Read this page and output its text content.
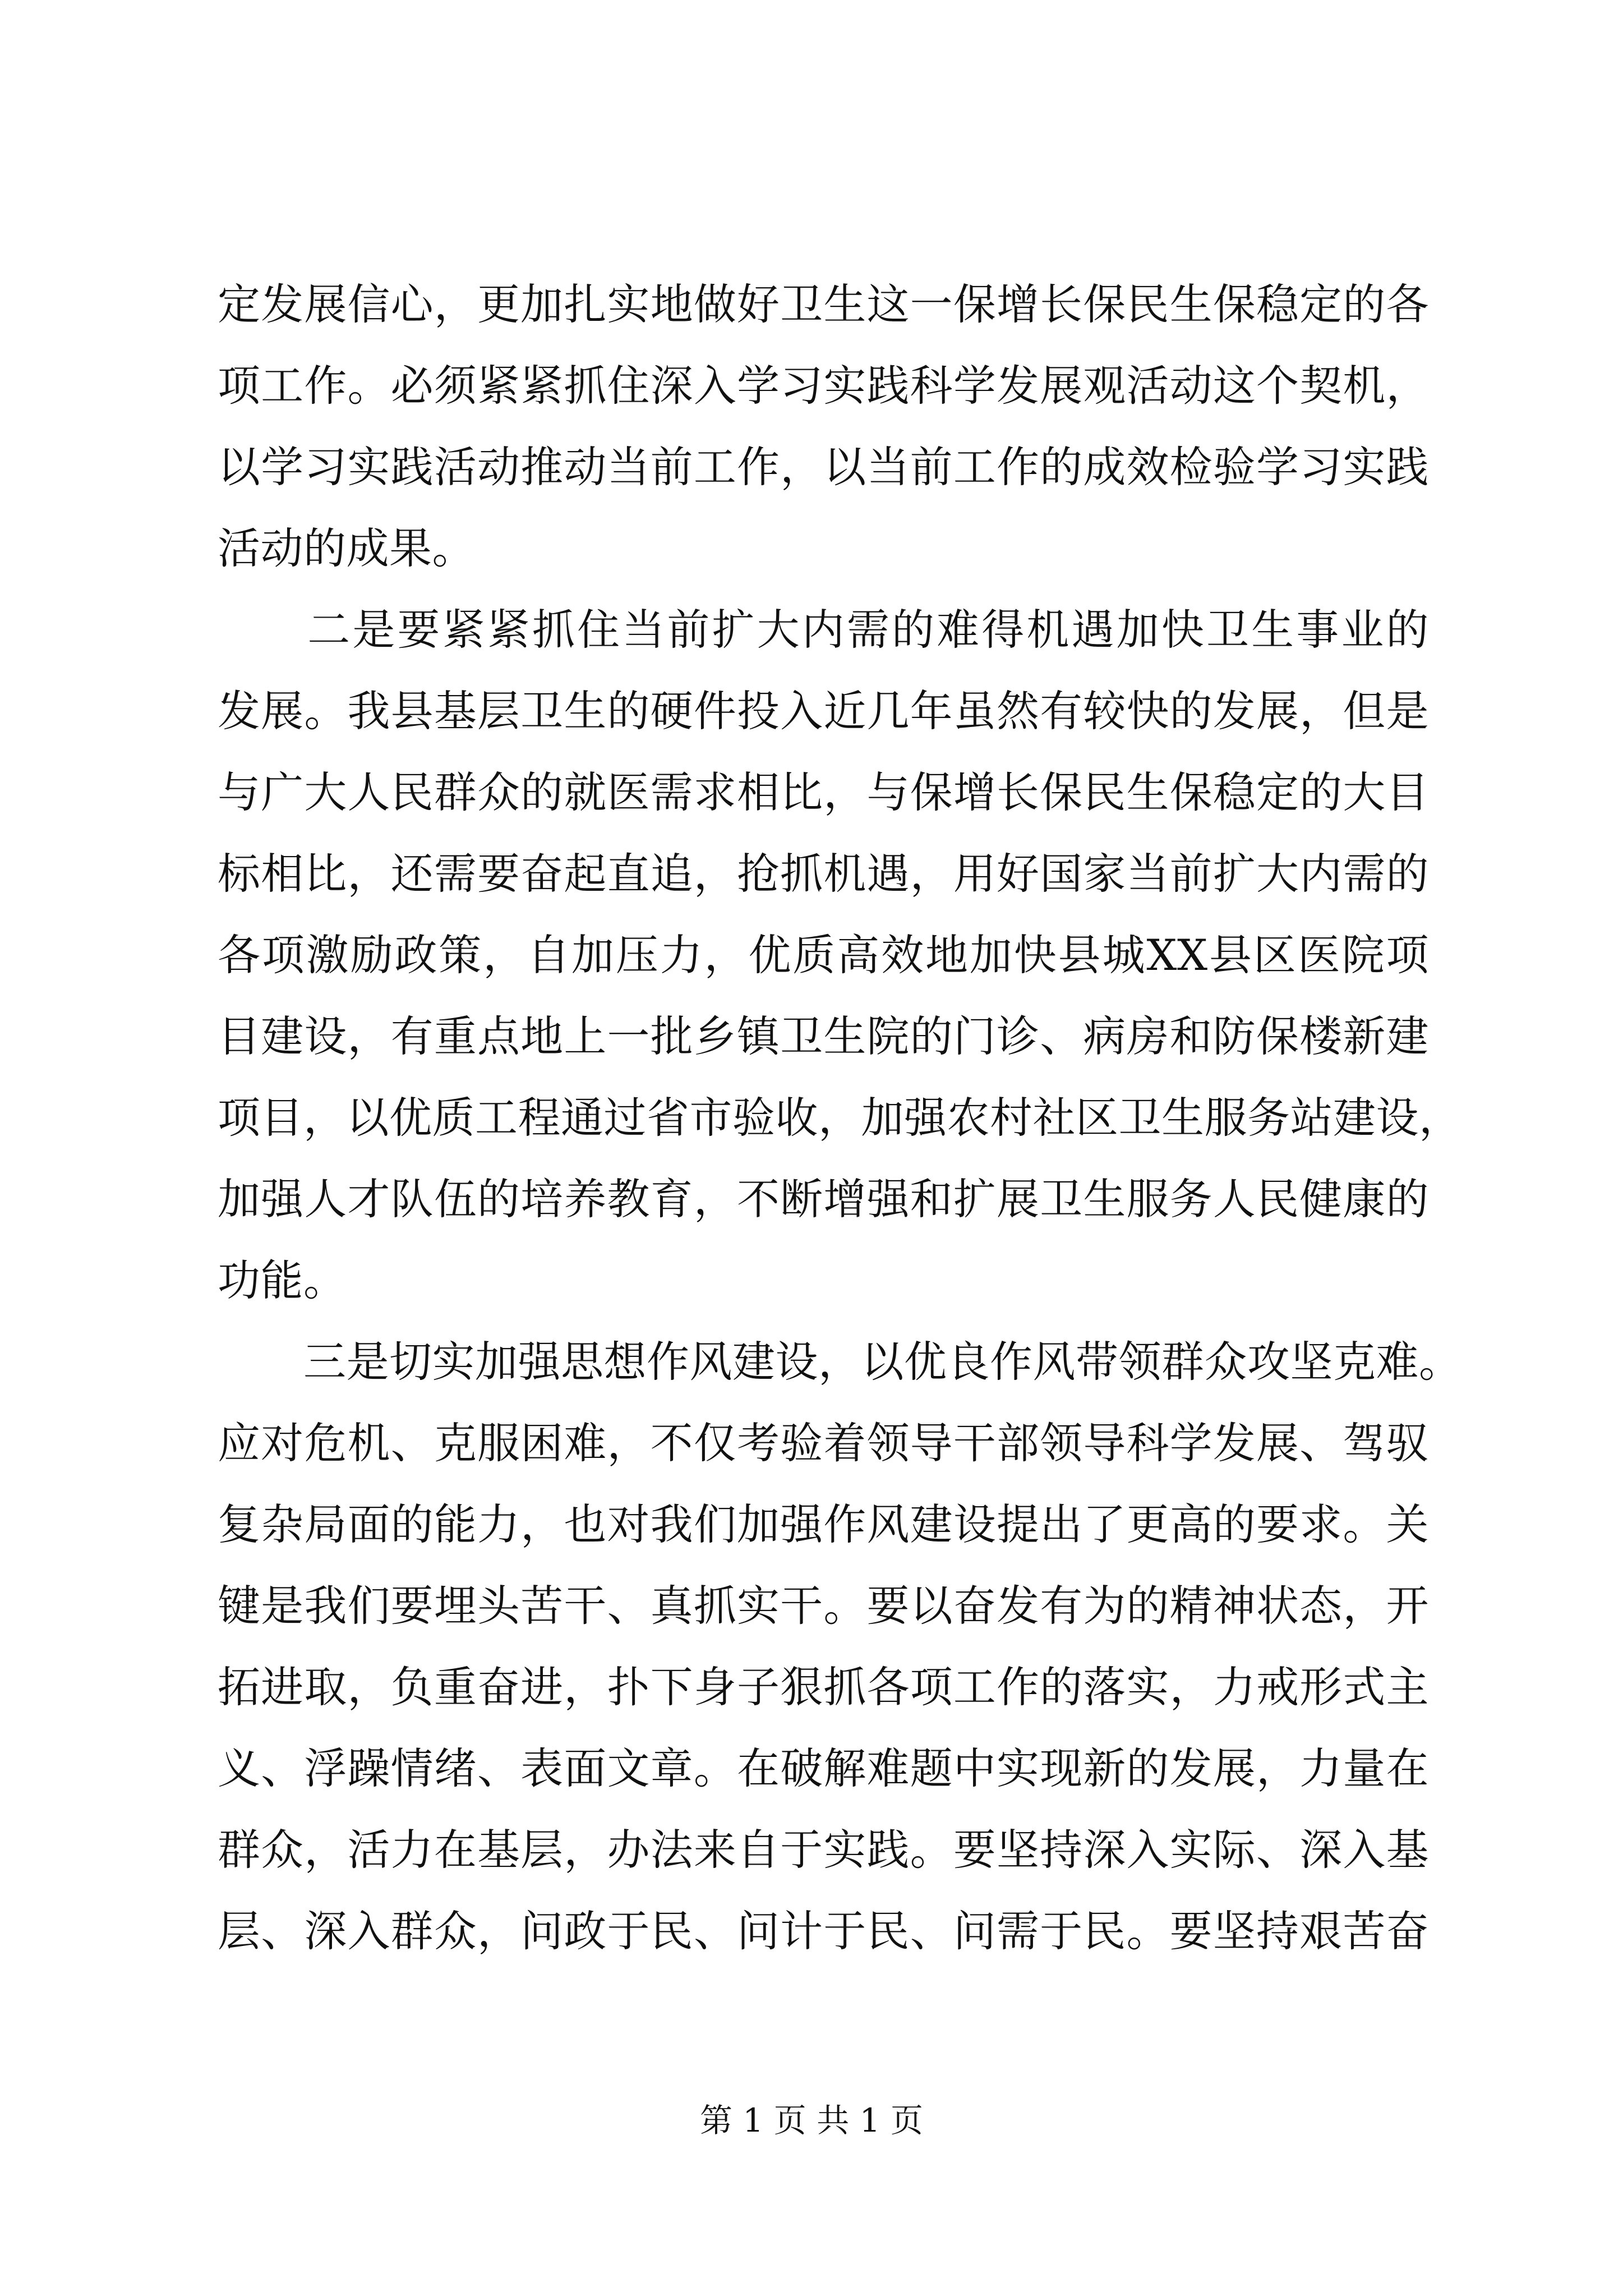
定发展信心，更加扎实地做好卫生这一保增长保民生保稳定的各
项工作。必须紧紧抓住深入学习实践科学发展观活动这个契机，
以学习实践活动推动当前工作，以当前工作的成效检验学习实践
活动的成果。
　　二是要紧紧抓住当前扩大内需的难得机遇加快卫生事业的
发展。我县基层卫生的硬件投入近几年虽然有较快的发展，但是
与广大人民群众的就医需求相比，与保增长保民生保稳定的大目
标相比，还需要奋起直追，抢抓机遇，用好国家当前扩大内需的
各项激励政策，自加压力，优质高效地加快县城XX县区医院项
目建设，有重点地上一批乡镇卫生院的门诊、病房和防保楼新建
项目，以优质工程通过省市验收，加强农村社区卫生服务站建设，
加强人才队伍的培养教育，不断增强和扩展卫生服务人民健康的
功能。
　　三是切实加强思想作风建设，以优良作风带领群众攻坚克难。
应对危机、克服困难，不仅考验着领导干部领导科学发展、驾驭
复杂局面的能力，也对我们加强作风建设提出了更高的要求。关
键是我们要埋头苦干、真抓实干。要以奋发有为的精神状态，开
拓进取，负重奋进，扑下身子狠抓各项工作的落实，力戒形式主
义、浮躁情绪、表面文章。在破解难题中实现新的发展，力量在
群众，活力在基层，办法来自于实践。要坚持深入实际、深入基
层、深入群众，问政于民、问计于民、问需于民。要坚持艰苦奋
第 1 页 共 1 页
